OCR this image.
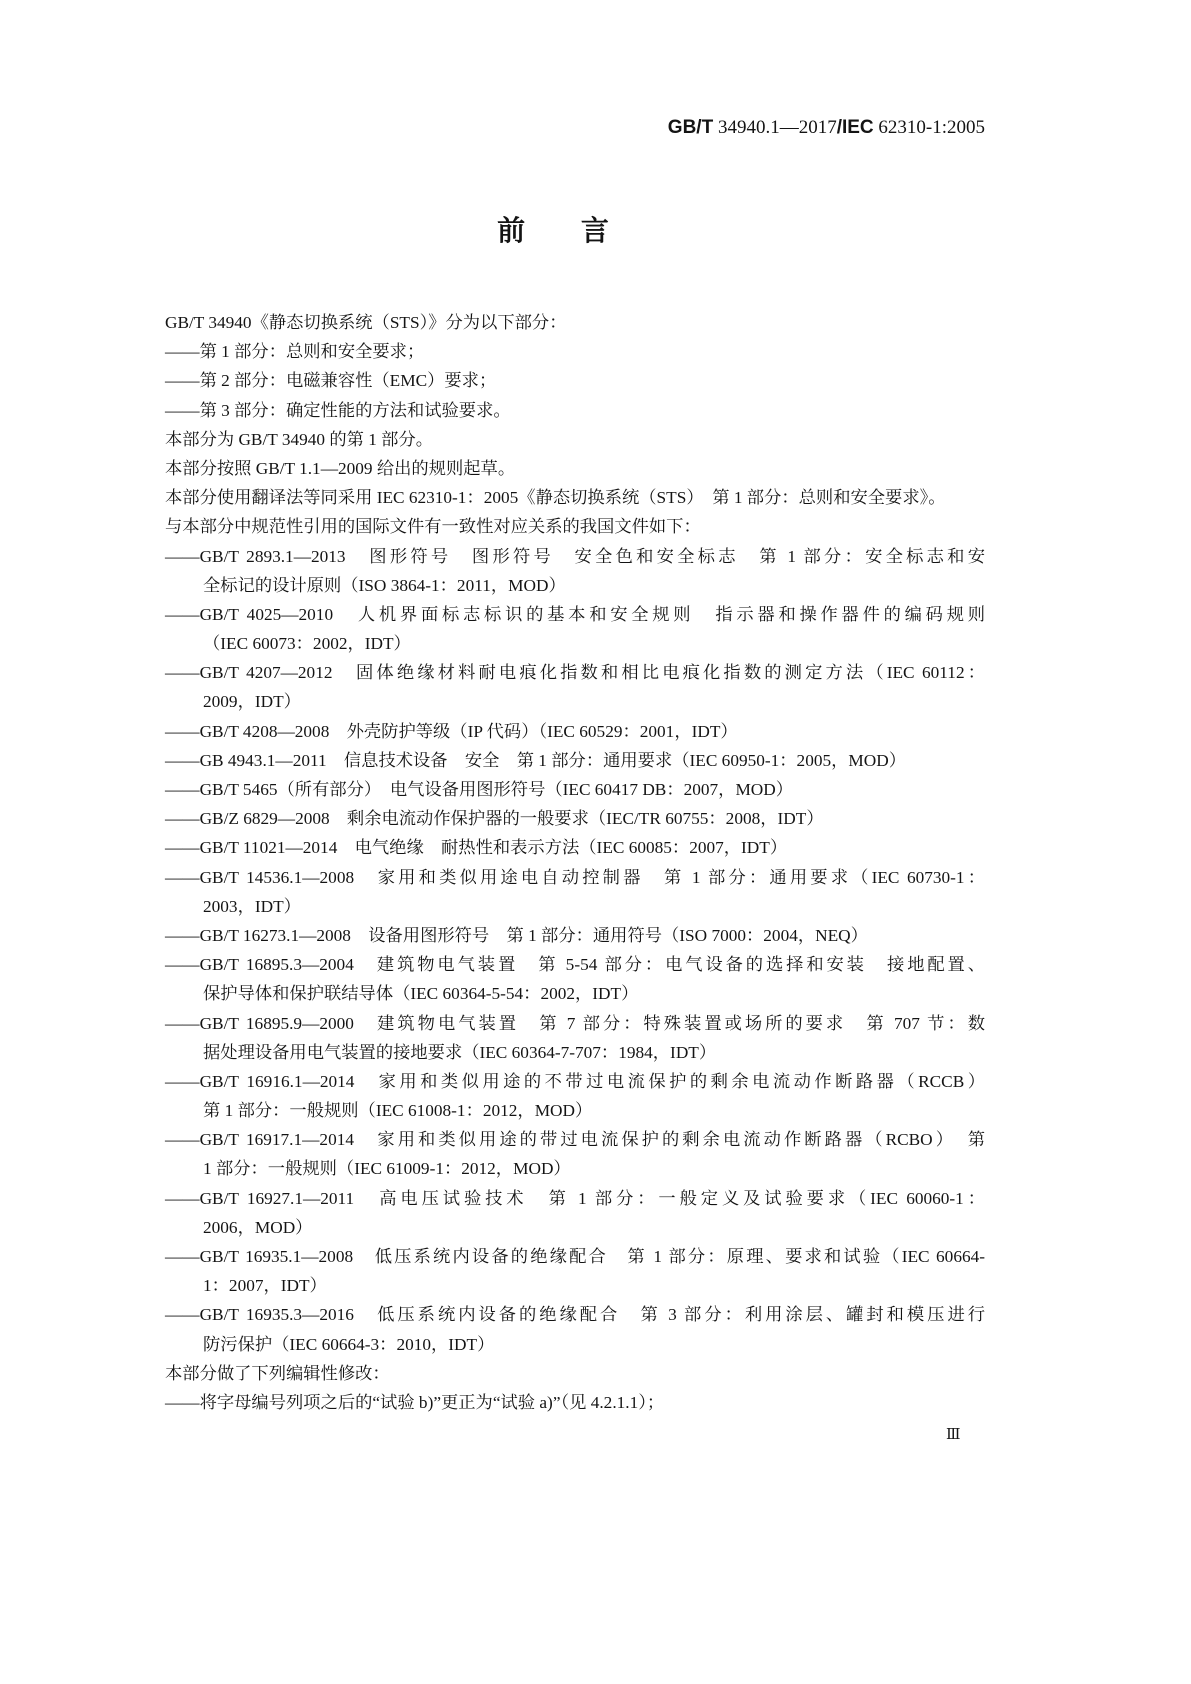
GB/T 34940.1—2017/IEC 62310-1:2005
前 言
GB/T 34940《静态切换系统（STS）》分为以下部分：
——第 1 部分：总则和安全要求；
——第 2 部分：电磁兼容性（EMC）要求；
——第 3 部分：确定性能的方法和试验要求。
本部分为 GB/T 34940 的第 1 部分。
本部分按照 GB/T 1.1—2009 给出的规则起草。
本部分使用翻译法等同采用 IEC 62310-1：2005《静态切换系统（STS）　第 1 部分：总则和安全要求》。
与本部分中规范性引用的国际文件有一致性对应关系的我国文件如下：
——GB/T 2893.1—2013　图形符号　图形符号　安全色和安全标志　第 1 部分：安全标志和安
全标记的设计原则（ISO 3864-1：2011，MOD）
——GB/T 4025—2010　人机界面标志标识的基本和安全规则　指示器和操作器件的编码规则
（IEC 60073：2002，IDT）
——GB/T 4207—2012　固体绝缘材料耐电痕化指数和相比电痕化指数的测定方法（IEC 60112：
2009，IDT）
——GB/T 4208—2008　外壳防护等级（IP 代码）（IEC 60529：2001，IDT）
——GB 4943.1—2011　信息技术设备　安全　第 1 部分：通用要求（IEC 60950-1：2005，MOD）
——GB/T 5465（所有部分）　电气设备用图形符号（IEC 60417 DB：2007，MOD）
——GB/Z 6829—2008　剩余电流动作保护器的一般要求（IEC/TR 60755：2008，IDT）
——GB/T 11021—2014　电气绝缘　耐热性和表示方法（IEC 60085：2007，IDT）
——GB/T 14536.1—2008　家用和类似用途电自动控制器　第 1 部分：通用要求（IEC 60730-1：
2003，IDT）
——GB/T 16273.1—2008　设备用图形符号　第 1 部分：通用符号（ISO 7000：2004，NEQ）
——GB/T 16895.3—2004　建筑物电气装置　第 5-54 部分：电气设备的选择和安装　接地配置、
保护导体和保护联结导体（IEC 60364-5-54：2002，IDT）
——GB/T 16895.9—2000　建筑物电气装置　第 7 部分：特殊装置或场所的要求　第 707 节：数
据处理设备用电气装置的接地要求（IEC 60364-7-707：1984，IDT）
——GB/T 16916.1—2014　家用和类似用途的不带过电流保护的剩余电流动作断路器（RCCB）
第 1 部分：一般规则（IEC 61008-1：2012，MOD）
——GB/T 16917.1—2014　家用和类似用途的带过电流保护的剩余电流动作断路器（RCBO）　第
1 部分：一般规则（IEC 61009-1：2012，MOD）
——GB/T 16927.1—2011　高电压试验技术　第 1 部分：一般定义及试验要求（IEC 60060-1：
2006，MOD）
——GB/T 16935.1—2008　低压系统内设备的绝缘配合　第 1 部分：原理、要求和试验（IEC 60664-
1：2007，IDT）
——GB/T 16935.3—2016　低压系统内设备的绝缘配合　第 3 部分：利用涂层、罐封和模压进行
防污保护（IEC 60664-3：2010，IDT）
本部分做了下列编辑性修改：
——将字母编号列项之后的“试验 b)”更正为“试验 a)”（见 4.2.1.1）；
Ⅲ
